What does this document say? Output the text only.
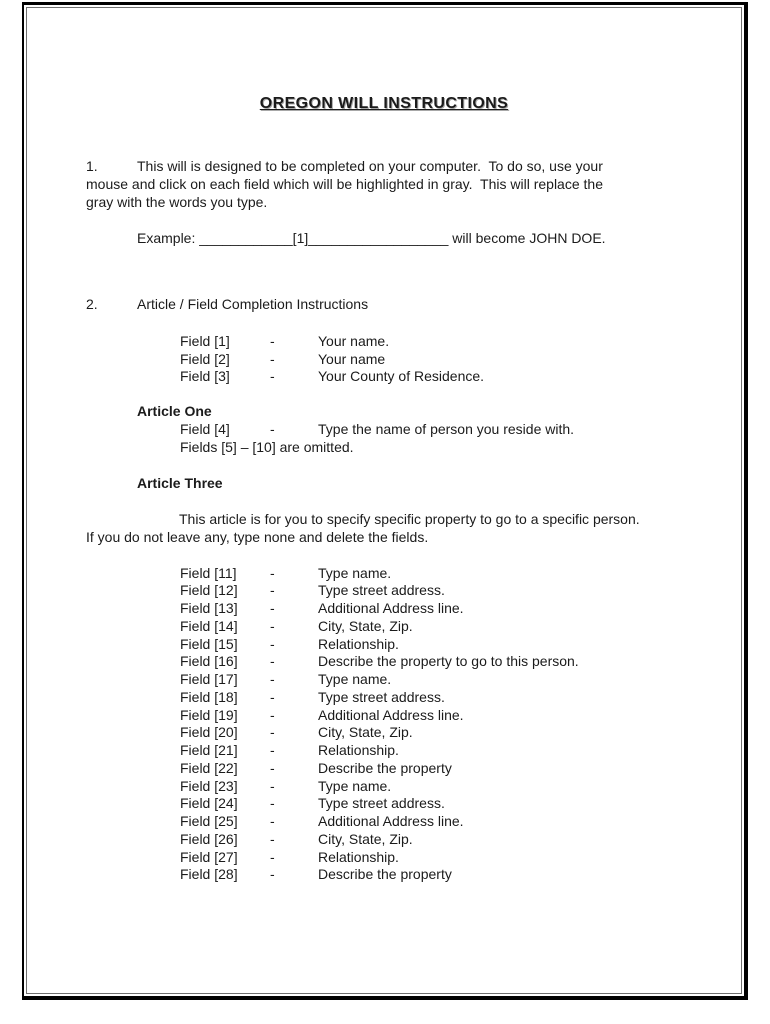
OREGON WILL INSTRUCTIONS
1.	This will is designed to be completed on your computer.  To do so, use your
mouse and click on each field which will be highlighted in gray.  This will replace the
gray with the words you type.
Example: ____________[1]__________________ will become JOHN DOE.
2.	Article / Field Completion Instructions
Field [1]	-	Your name.
Field [2]	-	Your name
Field [3]	-	Your County of Residence.
Article One
Field [4]	-	Type the name of person you reside with.
Fields [5] – [10] are omitted.
Article Three
This article is for you to specify specific property to go to a specific person.
If you do not leave any, type none and delete the fields.
Field [11]	-	Type name.
Field [12]	-	Type street address.
Field [13]	-	Additional Address line.
Field [14]	-	City, State, Zip.
Field [15]	-	Relationship.
Field [16]	-	Describe the property to go to this person.
Field [17]	-	Type name.
Field [18]	-	Type street address.
Field [19]	-	Additional Address line.
Field [20]	-	City, State, Zip.
Field [21]	-	Relationship.
Field [22]	-	Describe the property
Field [23]	-	Type name.
Field [24]	-	Type street address.
Field [25]	-	Additional Address line.
Field [26]	-	City, State, Zip.
Field [27]	-	Relationship.
Field [28]	-	Describe the property
